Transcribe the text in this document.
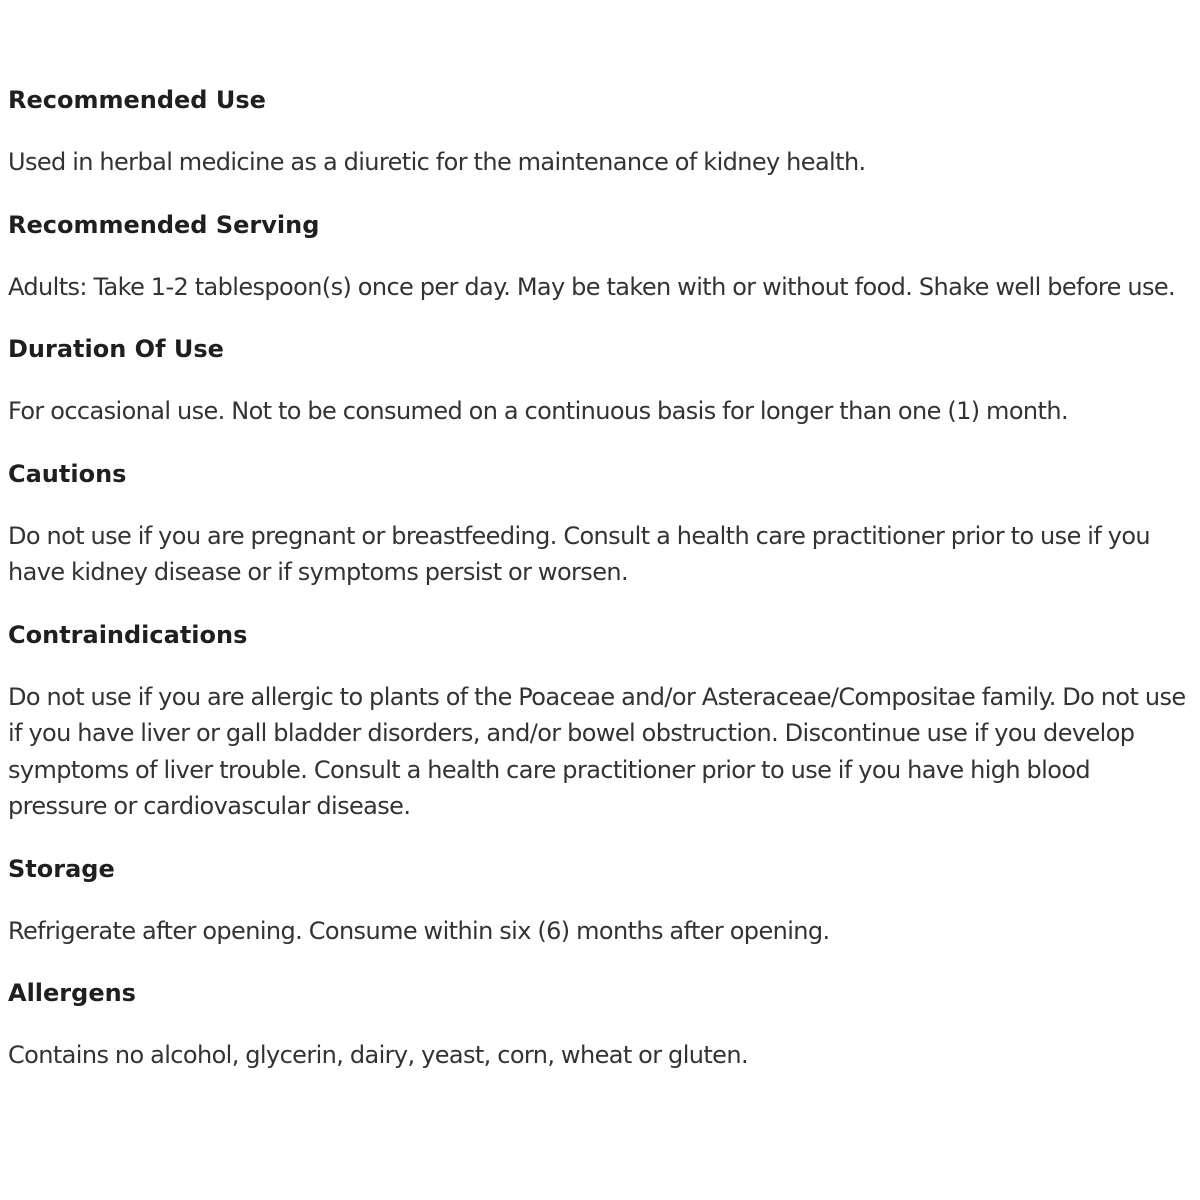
Recommended Use
Used in herbal medicine as a diuretic for the maintenance of kidney health.
Recommended Serving
Adults: Take 1-2 tablespoon(s) once per day. May be taken with or without food. Shake well before use.
Duration Of Use
For occasional use. Not to be consumed on a continuous basis for longer than one (1) month.
Cautions
Do not use if you are pregnant or breastfeeding. Consult a health care practitioner prior to use if you have kidney disease or if symptoms persist or worsen.
Contraindications
Do not use if you are allergic to plants of the Poaceae and/or Asteraceae/Compositae family. Do not use if you have liver or gall bladder disorders, and/or bowel obstruction. Discontinue use if you develop symptoms of liver trouble. Consult a health care practitioner prior to use if you have high blood pressure or cardiovascular disease.
Storage
Refrigerate after opening. Consume within six (6) months after opening.
Allergens
Contains no alcohol, glycerin, dairy, yeast, corn, wheat or gluten.
